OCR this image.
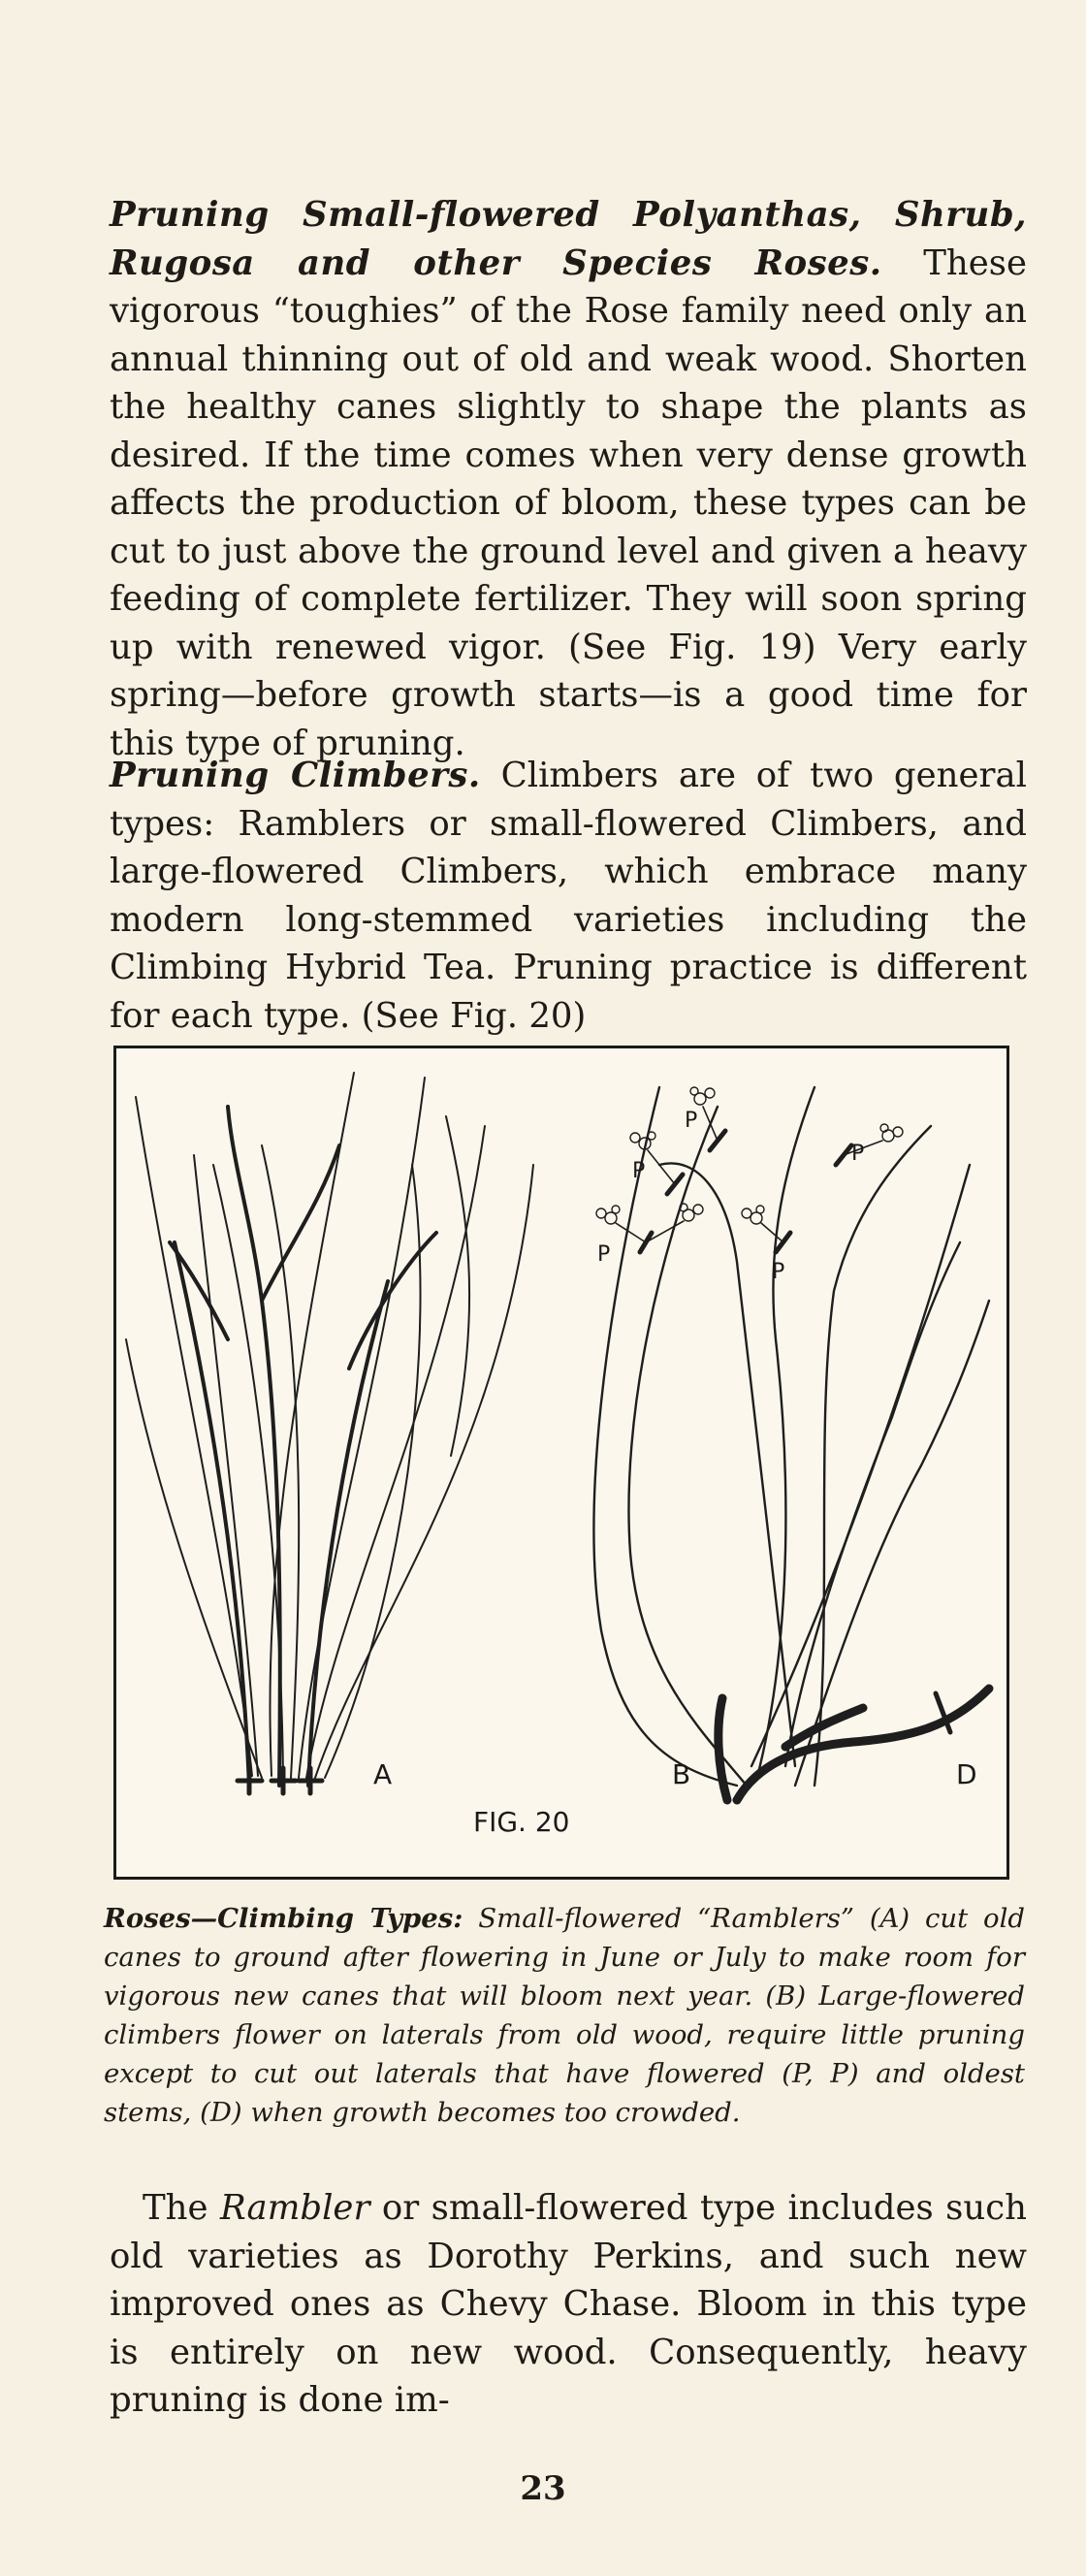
Pruning Small-flowered Polyanthas, Shrub, Rugosa and other Species Roses. These vigorous “toughies” of the Rose family need only an annual thinning out of old and weak wood. Shorten the healthy canes slightly to shape the plants as desired. If the time comes when very dense growth affects the production of bloom, these types can be cut to just above the ground level and given a heavy feeding of complete fertilizer. They will soon spring up with renewed vigor. (See Fig. 19) Very early spring—before growth starts—is a good time for this type of pruning.

Pruning Climbers. Climbers are of two general types: Ramblers or small-flowered Climbers, and large-flowered Climbers, which embrace many modern long-stemmed varieties including the Climbing Hybrid Tea. Pruning practice is different for each type. (See Fig. 20)

P
P
P
P
P
A	B	D
FIG. 20

Roses—Climbing Types: Small-flowered “Ramblers” (A) cut old canes to ground after flowering in June or July to make room for vigorous new canes that will bloom next year. (B) Large-flowered climbers flower on laterals from old wood, require little pruning except to cut out laterals that have flowered (P, P) and oldest stems, (D) when growth becomes too crowded.

The Rambler or small-flowered type includes such old varieties as Dorothy Perkins, and such new improved ones as Chevy Chase. Bloom in this type is entirely on new wood. Consequently, heavy pruning is done im-

23
